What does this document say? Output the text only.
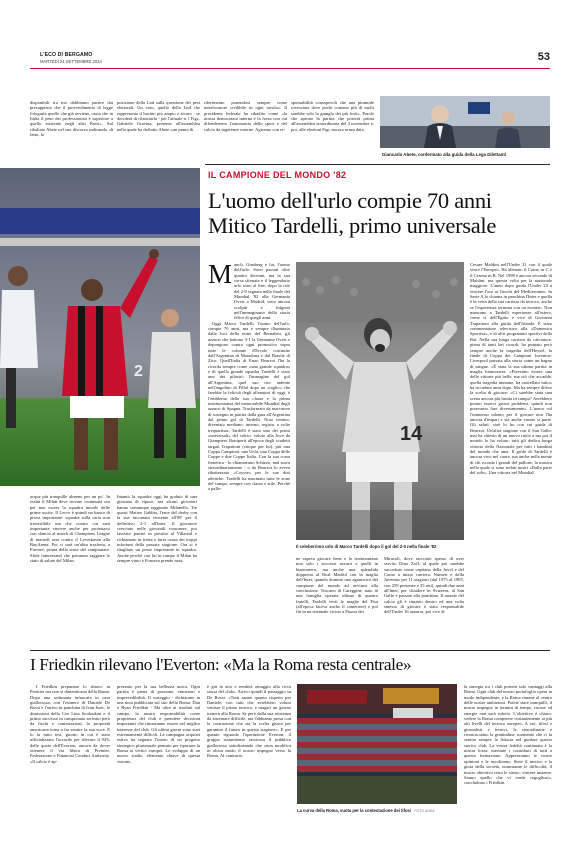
L'ECO DI BERGAMO
MARTEDÌ 24 SETTEMBRE 2024	53
disponibili tra mo dobbiamo partire dai presupposto che il provvedimento di legge fotografa quello che già avviene, ossia che in Italia il peso dei professionisti è superiore a quello esistente negli altri Paesi». Sul ribaltato Abete nel suo discorso indicando, di fatto, la
posizione della Lnd sulla questione dei pesi elettorali. Un voto, quello della Lnd che rappresenta il bacino più ampio e sicuro - se deciderà di rilanciarlo - per l'attuale n. l Figc, Gabriele Gravina, presente all'assemblea nella quale ha definito Abete «un punto di
riferimento ponendosi sempre come interlocutore credibile in ogni tavolo». Il presidente federale ha ribadito come «la nostra democrazia interna è la forza con cui difenderemo l'autonomia dello sport e del calcio da ingerenze esterne. Agiremo con re-
sponsabilità consapevoli che una piramide rovesciata dove pochi contano più di molti sarebbe solo la giungla dei più forti». Parole che aprono la partita che porterà prima all'assemblea straordinaria del 4 novembre e, poi, alle elezioni Figc ancora senza data.
Giancarlo Abete, confermato alla guida della Lega Dilettanti
IL CAMPIONE DEL MONDO '82
2
L'uomo dell'urlo compie 70 anni
Mitico Tardelli, primo universale
acque più tranquille almeno per un po'. In realtà il Milan deve trovare continuità ora per non essere la squadra morale delle prime uscite. Il Lecce è quindi un banco di prova importante: squadra sulla carta non irresistibile ma che contro cui sarà importante vincere anche per proiettarsi con slancio al match di Champions League di martedì sera contro il Leverkusen alla BayArena. Poi ci sarà un'altra trasferta, a Firenze, prima della sosta del campionato. Sfide interessanti che potranno saggiare lo stato di salute del Milan.
Intanto la squadra oggi ha goduto di una giornata di riposo, ma alcuni giocatori hanno comunque raggiunto Milanello. Tre quarti Matteo Gabbia, l'eroe del derby con la sua incornata vincente all'89' per il definitivo 2-1 all'Inter. Il giocatore cresciuto nelle giovanili rossonere, poi lasciato partire in prestito al Villareal e richiamato in fretta e furia causa dei troppi infortuni della passata stagione. Ora si è ritagliato un posto importante in squadra. Anche perché con lui in campo il Milan ha sempre vinto e Fonseca prende nota.
M anch, Ginsberg e lui, l'uomo dell'urlo. Sono passati oltre quattro decenni, ma la sua corsa sfrenata e il leggendario urlo sono al fine, dopo la rete del 2-0 segnata nella finale del Mundial '82 alla Germania Ovest a Madrid, sono ancora scolpiti e fulgenti nell'immaginario della storia felice di quegli anni.
Oggi Marco Tardelli, l'uomo dell'urlo, compie 70 anni, ma è sempre illuminato dalle luci della notte del Bernabeu, gli azzurri che battono 3-1 la Germania Ovest e depongono contro ogni pronostico sopra tutte le colonne d'Ercole costituite dall'Argentina di Maradona e dal Brasile di Zico. Quell'Italia di Enzo Bearzot l'ha la ricorda sempre come «una grande squadra» e di quella grande squadra Tardelli è stato uno dei pilastri: l'immagine del gol all'Argentina, quel suo tiro radente nell'angolino di Fillol dopo un «taglio» che farebbe la felicità degli allenatori di oggi, è l'emblema della sua classe e la prima testimonianza del memorabile Mundial degli azzurri di Spagna. Trasformato da marcatore di sostegno in partita dalla gara all'Argentina dal primo gol di Tardelli. Noto terzino, diventato mediano, interno, regista, a volte trequartista, Tardelli è stato uno dei primi «universali» del calcio, voluto alla Juve da Giampiero Boniperti all'epoca degli scudetti targati Trapattoni (cinque per lui), più una Coppa Campioni, una Uefa, una Coppa delle Coppe e due Coppe Italia. Con la sua corsa frenetica - lo chiamavano Schizzo, mal stava straordinariamente - o da Bearzot lo aveva ribattezzato «Coyote» per le sue doti atletiche. Tardelli ha macinato tutte le zone del campo, sempre con classe e stile. Perché a pallo-
14
Il celeberrimo urlo di Marco Tardelli dopo il gol del 2-0 nella finale '82
ne sapeva giocare bene e lo testimoniano non solo i successi azzurri e quelli in bianconero, ma anche una splendida doppietta al Real Madrid con la maglia dell'Inter, quando dominò uno agonistico del campione del mondo ad avviarsi alla conclusione. Toscano di Careggine, nato in una famiglia operaia ultimo di quattro fratelli, Tardelli vestì le maglie del Pisa (all'epoca faceva anche il cameriere) e poi fin in un triennale vicino a Piazza dei
Miracoli, dove raccontò spesso di aver servito Dino Zoff, al quale poi sarebbe succeduto come capitano della Juve) e del Como a inizio carriera. Numeri e della Juventus per 11 stagioni (dal 1975 al 1985, con 259 presenze e 35 reti), quindi due anni all'Inter, per chiudere in Svizzera, al San Gallo e passare alla panchina. Il mondo del calcio gli è rimasto dentro ed una volta smesso di giocare è stato responsabile dell'Under 16 azzurra, poi vice di
Cesare Maldini nell'Under 21 con il quale vince l'Europeo. Ha allenato il Como in C e il Cesena in B. Nel 1998 è ancora secondo di Maldini, ma questa volta per la nazionale maggiore. L'anno dopo guida l'Under 23 a vincere l'oro ai Giochi del Mediterraneo. In Serie A lo chiama in panchina l'Inter e quella è la vetta della sua carriera da tecnico, anche se l'esperienza termina con un esonero. Non mancano a Tardelli esperienze all'estero, come ct dell'Egitto e vice di Giovanni Trapattoni alla guida dell'Irlanda. È stato commentatore televisivo alla «Domenica Sportiva», e di altri programmi sportivi della Rai. Nella sua lunga carriera da calciatore, piena di tanti bei ricordi, ha puntato però sempre anche la tragedia dell'Heysel, la finale di Coppa dei Campioni Juventus-Liverpool passata alla storia come un bagno di sangue. «È stata la sua ultima partita in maglia bianconera. «Potevano essere una delle vittorie più belle, ma ciò che accadde, quella tragedia immane, ha cancellato tutto» ha ricordato anni dopo. Ma ha sempre difeso la scelta di giocare: «Ci sarebbe stata una scena ancora più brutta in campo? Avrebbero potuto esserci grossi problemi, quindi non potevamo fare diversamente». L'uomo col l'immenso talento per il giocare non l'ha ancora d'impari e sta anche vasato si parte. Gli saluti, cioè lo ho con cui guida di Bearzot. Un'altra stagione con il San Gallo: mai ha chiesto di un nuovo ruolo a ma poi il mondo lo ha voluto: tutti gli dedica lunga vittoria della Nazionale per tutti i bambini del mondo che ama. Il grido di Tardelli è ancora vivo nel cuore, ma anche nella mente di chi ricorda i grandi del pallone, la musica nella quale si sono seduti nostri «Dalla parte del sole». Una vittoria nel Mundial.
I Friedkin rilevano l'Everton: «Ma la Roma resta centrale»
I Friedkin preparano lo sbarco in Premier ma non si dimenticano della Roma. Dopo una settimana infuocata in casa giallorossa, con l'esonero di Daniele De Rossi e l'arrivo in panchina di Ivan Juric, le dimissioni della Ceo Lina Souloukou e il primo successo in campionato arrivato però da fischi e contestazioni, la proprietà americana torna a far sentire la sua voce. E lo fa tutto tesi, giorno in cui è stato ufficializzato l'accordo per rilevare il 94% delle quote dell'Everton, ancora da dover ottenere il via libera di Premier, Federazione e Financial Conduct Authority. «Il calcio è ap-
prezzato per la sua bellezza unica. Ogni partita è piena di passione, emozioni e imprevedibilità. Il sorteggio - dichiarano in una nota pubblicata sul sito della Roma, Dan e Ryan Friedkin - Ma oltre ai risultati sul campo, la nostra responsabilità come proprietari del club è prendere decisioni importanti che rimarranno essere nel miglior interesse del club. Gli ultimi giorni sono stati estremamente difficili. La campagna acquisti estiva ha segnato l'inizio di un progetto strategico pluriennale pensato per riportare la Roma ai vertici europei. Lo sviluppo di un nuovo stadio, elemento chiave di questa visione,
è già in atto e renderà omaggio alla ricca storia del club». Arrivo quindi il passaggio su De Rossi: «Tutti sanno quanto rispetto per Daniele, con tutti che avrebbero voluto venisse il primo tecnico, e magari un giorno tornerà alla Roma. Se però dalla sua esistenza da sistemare difficile, ma l'abbiamo presa con la costruzione che sia la scelta giusta per garantire il futuro in questa stagione». E per quanto riguarda l'operazione Everton, il gruppo statunitense rassicura il pubblico giallorosso sottolineando che «non modifica in alcun modo il nostro impegno verso la Roma. Al contrario,
La curva della Roma, vuota per la contestazione dei tifosi FOTO ANSA
la sinergia tra i club porterà solo vantaggi alla Roma. Ogni club del nostro portafoglio opera in modo indipendente, e la Roma rimane al centro delle nostre ambizioni. Potete stare tranquilli, il nostro impegno in termini di tempo, risorse ed energie non sarà ridotto. L'obiettivo è chiaro: vedere la Roma competere costantemente ai più alti livelli del tecnico europeo. A voi, tifosi e giornalisti e tecnici, le straordinarie e riconosciamo la gratitudine, momento che ci fa sentire sempre la fiducia nel guidare questo storico club. La vostra fedeltà continuata è la nostra forza: meritate i contributi di tutti a questa formazione. Apprezziamo le vostre opinioni e le ascoltiamo. Siete il motivo e la gioia della società, nonostante le difficoltà, il nostro obiettivo resta lo stesso: vincere insieme. Siamo quello che vi rende orgogliosi», concludono i Friedkin.
